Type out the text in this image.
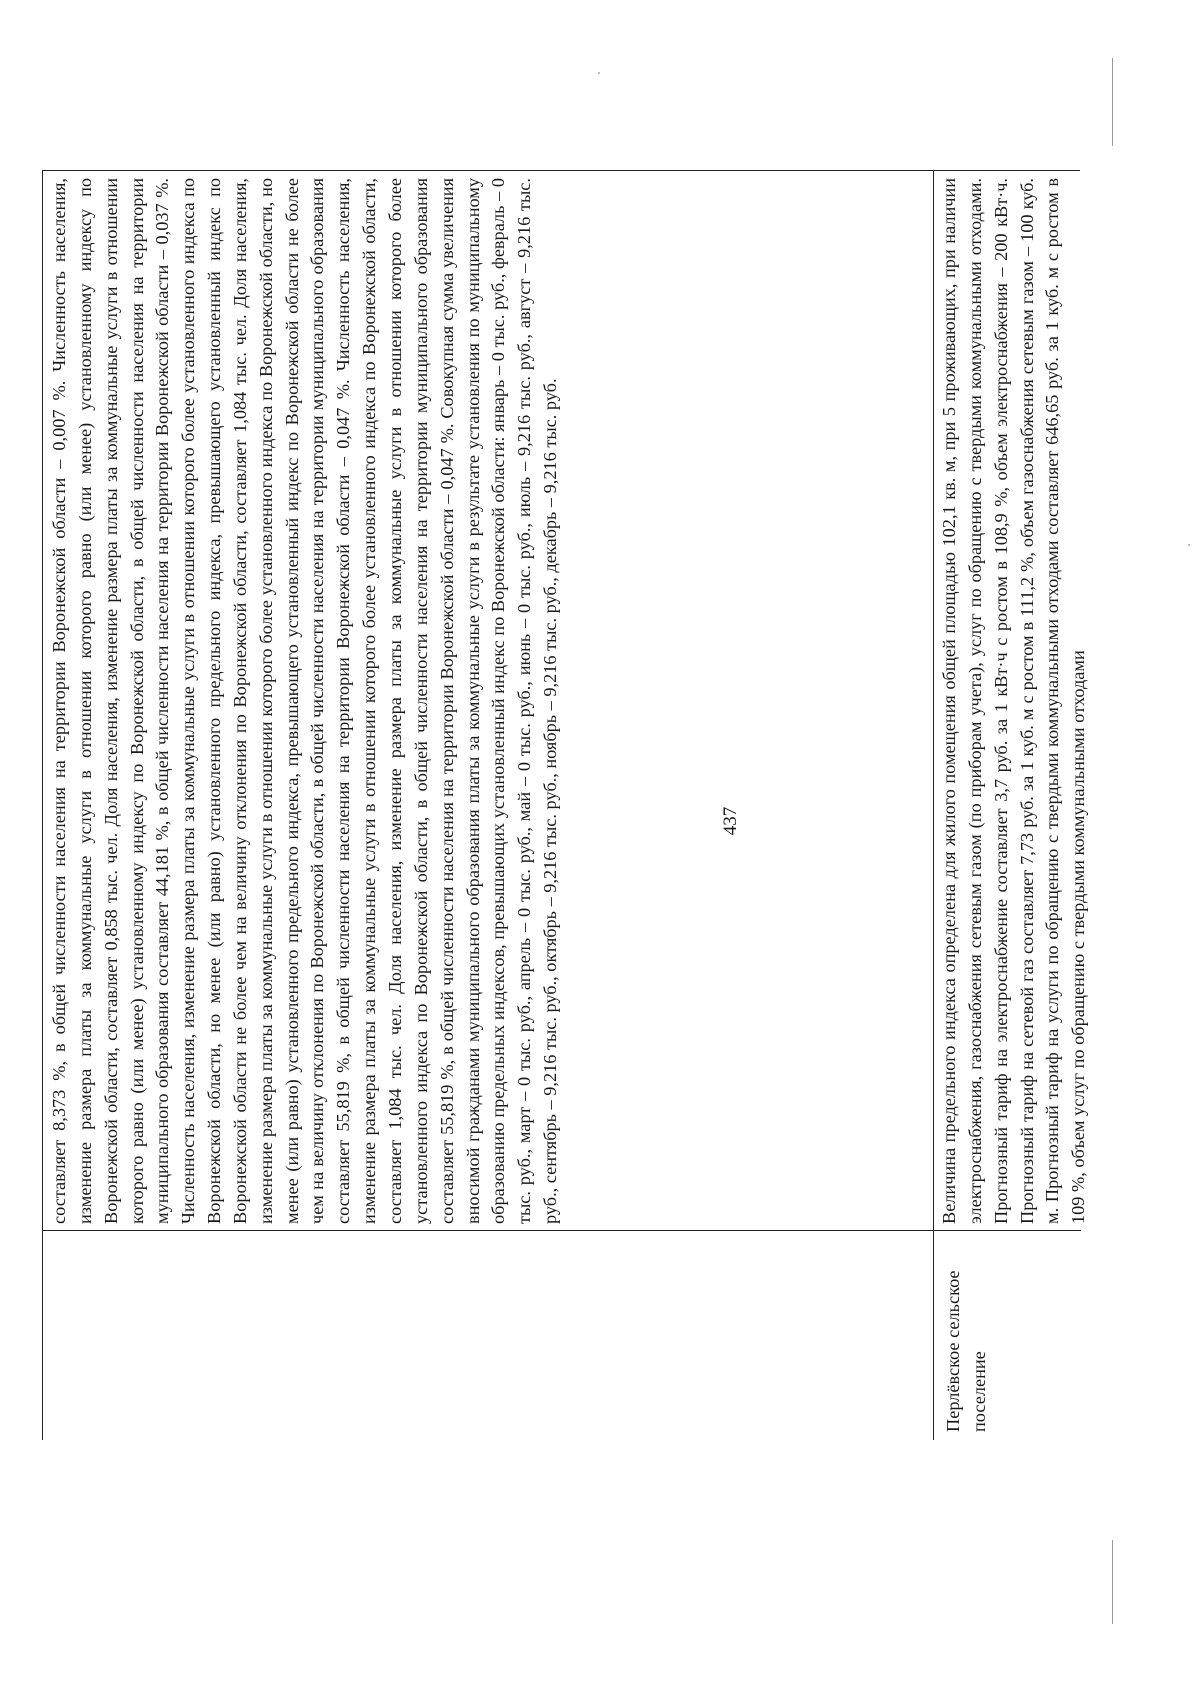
437

составляет 8,373 %, в общей численности населения на территории Воронежской области – 0,007 %. Численность населения, изменение размера платы за коммунальные услуги в отношении которого равно (или менее) установленному индексу по Воронежской области, составляет 0,858 тыс. чел. Доля населения, изменение размера платы за коммунальные услуги в отношении которого равно (или менее) установленному индексу по Воронежской области, в общей численности населения на территории муниципального образования составляет 44,181 %, в общей численности населения на территории Воронежской области – 0,037 %. Численность населения, изменение размера платы за коммунальные услуги в отношении которого более установленного индекса по Воронежской области, но менее (или равно) установленного предельного индекса, превышающего установленный индекс по Воронежской области не более чем на величину отклонения по Воронежской области, составляет 1,084 тыс. чел. Доля населения, изменение размера платы за коммунальные услуги в отношении которого более установленного индекса по Воронежской области, но менее (или равно) установленного предельного индекса, превышающего установленный индекс по Воронежской области не более чем на величину отклонения по Воронежской области, в общей численности населения на территории муниципального образования составляет 55,819 %, в общей численности населения на территории Воронежской области – 0,047 %. Численность населения, изменение размера платы за коммунальные услуги в отношении которого более установленного индекса по Воронежской области, составляет 1,084 тыс. чел. Доля населения, изменение размера платы за коммунальные услуги в отношении которого более установленного индекса по Воронежской области, в общей численности населения на территории муниципального образования составляет 55,819 %, в общей численности населения на территории Воронежской области – 0,047 %. Совокупная сумма увеличения вносимой гражданами муниципального образования платы за коммунальные услуги в результате установления по муниципальному образованию предельных индексов, превышающих установленный индекс по Воронежской области: январь – 0 тыс. руб., февраль – 0 тыс. руб., март – 0 тыс. руб., апрель – 0 тыс. руб., май – 0 тыс. руб., июнь – 0 тыс. руб., июль – 9,216 тыс. руб., август – 9,216 тыс. руб., сентябрь – 9,216 тыс. руб., октябрь – 9,216 тыс. руб., ноябрь – 9,216 тыс. руб., декабрь – 9,216 тыс. руб.

Перлёвское сельское поселение

Величина предельного индекса определена для жилого помещения общей площадью 102,1 кв. м, при 5 проживающих, при наличии электроснабжения, газоснабжения сетевым газом (по приборам учета), услуг по обращению с твердыми коммунальными отходами. Прогнозный тариф на электроснабжение составляет 3,7 руб. за 1 кВт·ч с ростом в 108,9 %, объем электроснабжения – 200 кВт·ч. Прогнозный тариф на сетевой газ составляет 7,73 руб. за 1 куб. м с ростом в 111,2 %, объем газоснабжения сетевым газом – 100 куб. м. Прогнозный тариф на услуги по обращению с твердыми коммунальными отходами составляет 646,65 руб. за 1 куб. м с ростом в 109 %, объем услуг по обращению с твердыми коммунальными отходами
